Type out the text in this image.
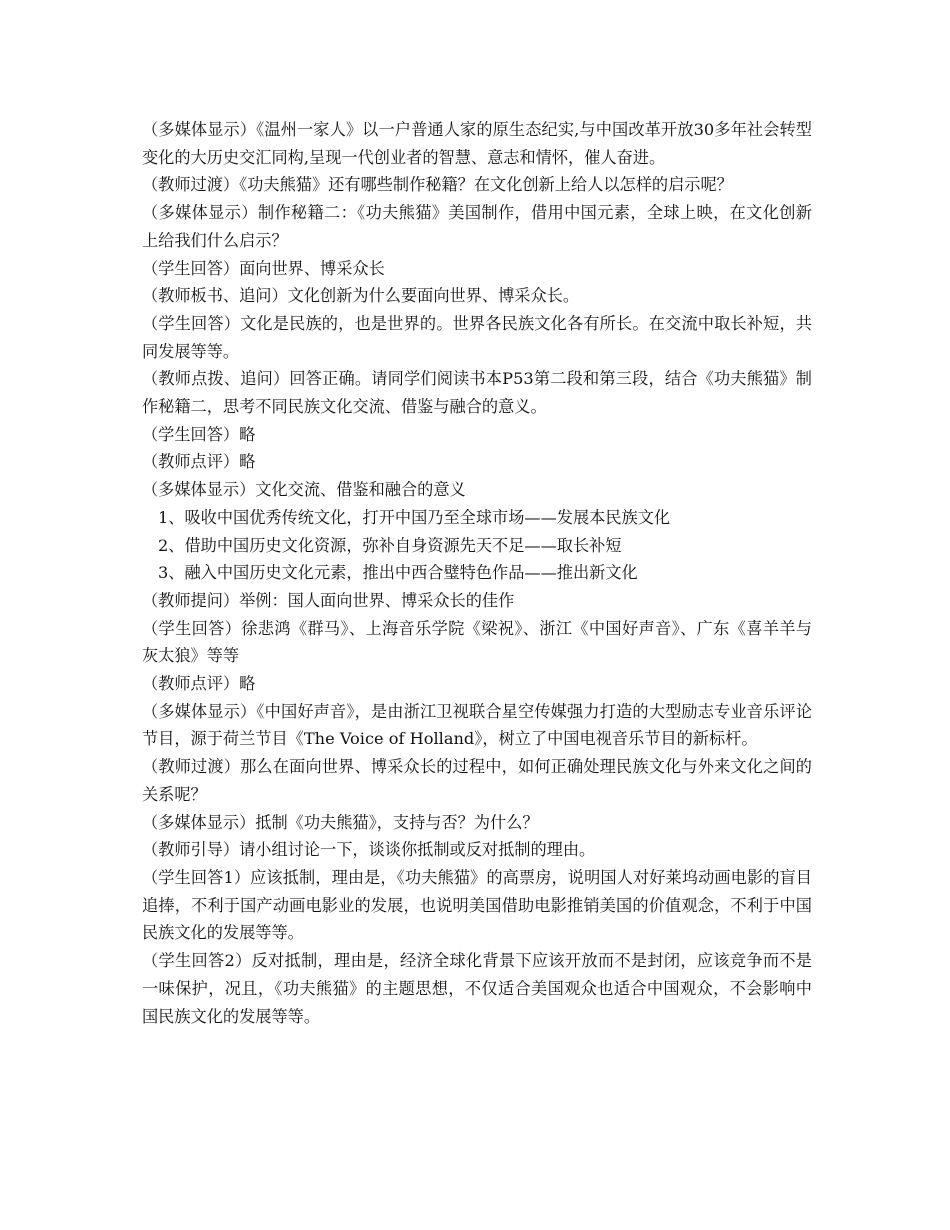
（多媒体显示）《温州一家人》以一户普通人家的原生态纪实,与中国改革开放30多年社会转型变化的大历史交汇同构,呈现一代创业者的智慧、意志和情怀，催人奋进。

（教师过渡）《功夫熊猫》还有哪些制作秘籍？在文化创新上给人以怎样的启示呢？

（多媒体显示）制作秘籍二：《功夫熊猫》美国制作，借用中国元素，全球上映，在文化创新上给我们什么启示？

（学生回答）面向世界、博采众长

（教师板书、追问）文化创新为什么要面向世界、博采众长。

（学生回答）文化是民族的，也是世界的。世界各民族文化各有所长。在交流中取长补短，共同发展等等。

（教师点拨、追问）回答正确。请同学们阅读书本P53第二段和第三段，结合《功夫熊猫》制作秘籍二，思考不同民族文化交流、借鉴与融合的意义。

（学生回答）略

（教师点评）略

（多媒体显示）文化交流、借鉴和融合的意义

1、吸收中国优秀传统文化，打开中国乃至全球市场——发展本民族文化

2、借助中国历史文化资源，弥补自身资源先天不足——取长补短

3、融入中国历史文化元素，推出中西合璧特色作品——推出新文化

（教师提问）举例：国人面向世界、博采众长的佳作

（学生回答）徐悲鸿《群马》、上海音乐学院《梁祝》、浙江《中国好声音》、广东《喜羊羊与灰太狼》等等

（教师点评）略

（多媒体显示）《中国好声音》，是由浙江卫视联合星空传媒强力打造的大型励志专业音乐评论节目，源于荷兰节目《The Voice of Holland》，树立了中国电视音乐节目的新标杆。

（教师过渡）那么在面向世界、博采众长的过程中，如何正确处理民族文化与外来文化之间的关系呢？

（多媒体显示）抵制《功夫熊猫》，支持与否？为什么？

（教师引导）请小组讨论一下，谈谈你抵制或反对抵制的理由。

（学生回答1）应该抵制，理由是，《功夫熊猫》的高票房，说明国人对好莱坞动画电影的盲目追捧，不利于国产动画电影业的发展，也说明美国借助电影推销美国的价值观念，不利于中国民族文化的发展等等。

（学生回答2）反对抵制，理由是，经济全球化背景下应该开放而不是封闭，应该竞争而不是一味保护，况且，《功夫熊猫》的主题思想，不仅适合美国观众也适合中国观众，不会影响中国民族文化的发展等等。
